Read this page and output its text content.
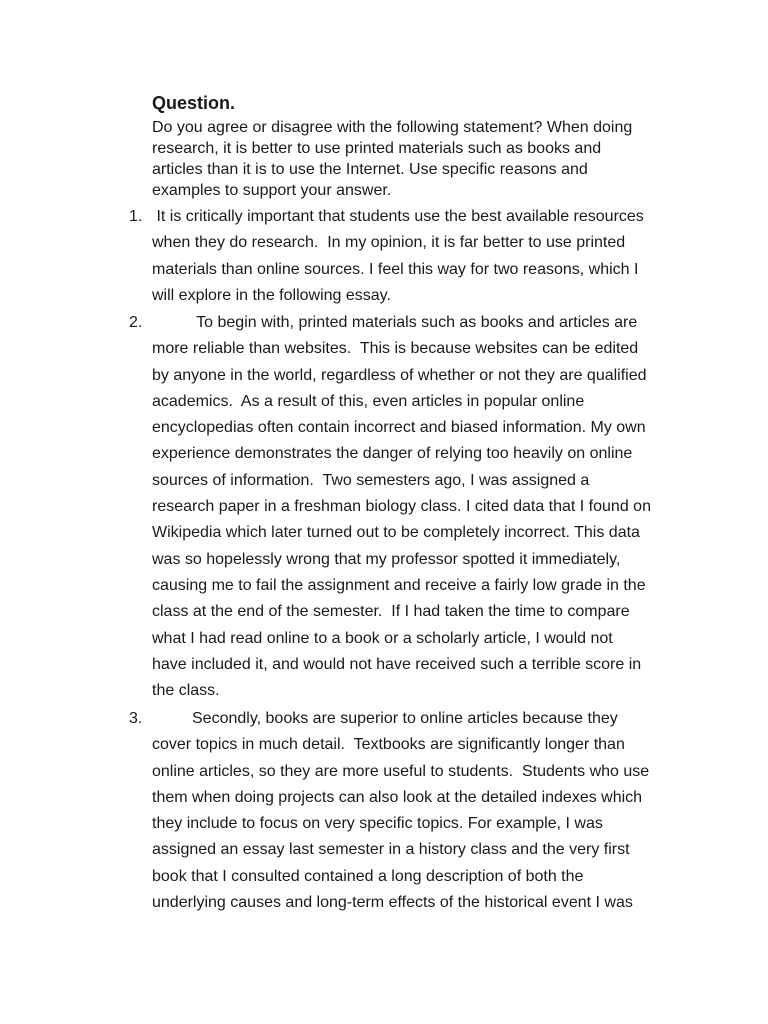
Question.

Do you agree or disagree with the following statement? When doing
research, it is better to use printed materials such as books and
articles than it is to use the Internet. Use specific reasons and
examples to support your answer.

1. It is critically important that students use the best available resources
when they do research.  In my opinion, it is far better to use printed
materials than online sources. I feel this way for two reasons, which I
will explore in the following essay.
2. To begin with, printed materials such as books and articles are
more reliable than websites.  This is because websites can be edited
by anyone in the world, regardless of whether or not they are qualified
academics.  As a result of this, even articles in popular online
encyclopedias often contain incorrect and biased information. My own
experience demonstrates the danger of relying too heavily on online
sources of information.  Two semesters ago, I was assigned a
research paper in a freshman biology class. I cited data that I found on
Wikipedia which later turned out to be completely incorrect. This data
was so hopelessly wrong that my professor spotted it immediately,
causing me to fail the assignment and receive a fairly low grade in the
class at the end of the semester.  If I had taken the time to compare
what I had read online to a book or a scholarly article, I would not
have included it, and would not have received such a terrible score in
the class.
3. Secondly, books are superior to online articles because they
cover topics in much detail.  Textbooks are significantly longer than
online articles, so they are more useful to students.  Students who use
them when doing projects can also look at the detailed indexes which
they include to focus on very specific topics. For example, I was
assigned an essay last semester in a history class and the very first
book that I consulted contained a long description of both the
underlying causes and long-term effects of the historical event I was
